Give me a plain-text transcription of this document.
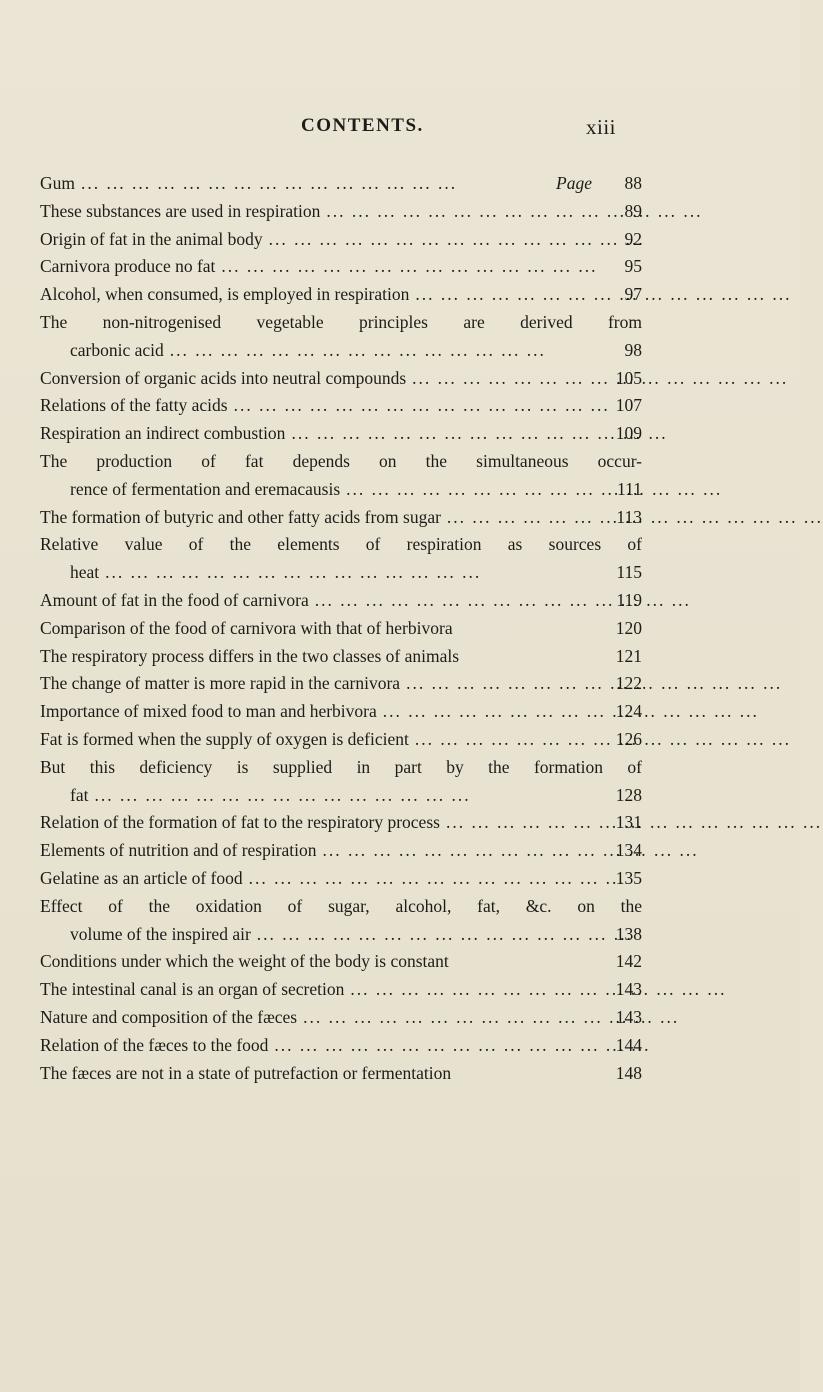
CONTENTS.	xiii
Gum ... .	Page	88
These substances are used in respiration ... .	89
Origin of fat in the animal body ... .	92
Carnivora produce no fat ... .	95
Alcohol, when consumed, is employed in respiration ... .	97
The non-nitrogenised vegetable principles are derived from
carbonic acid ... .	98
Conversion of organic acids into neutral compounds ... .	105
Relations of the fatty acids ... .	107
Respiration an indirect combustion ... .	109
The production of fat depends on the simultaneous occur-
rence of fermentation and eremacausis ... .	111
The formation of butyric and other fatty acids from sugar ... .	113
Relative value of the elements of respiration as sources of
heat ... .	115
Amount of fat in the food of carnivora ... .	119
Comparison of the food of carnivora with that of herbivora	120
The respiratory process differs in the two classes of animals	121
The change of matter is more rapid in the carnivora ... .	122
Importance of mixed food to man and herbivora ... .	124
Fat is formed when the supply of oxygen is deficient ... .	126
But this deficiency is supplied in part by the formation of
fat ... .	128
Relation of the formation of fat to the respiratory process ... .	131
Elements of nutrition and of respiration ... .	134
Gelatine as an article of food ... .	135
Effect of the oxidation of sugar, alcohol, fat, &c. on the
volume of the inspired air ... .	138
Conditions under which the weight of the body is constant	142
The intestinal canal is an organ of secretion ... .	143
Nature and composition of the fæces ... .	143
Relation of the fæces to the food ... .	144
The fæces are not in a state of putrefaction or fermentation	148
